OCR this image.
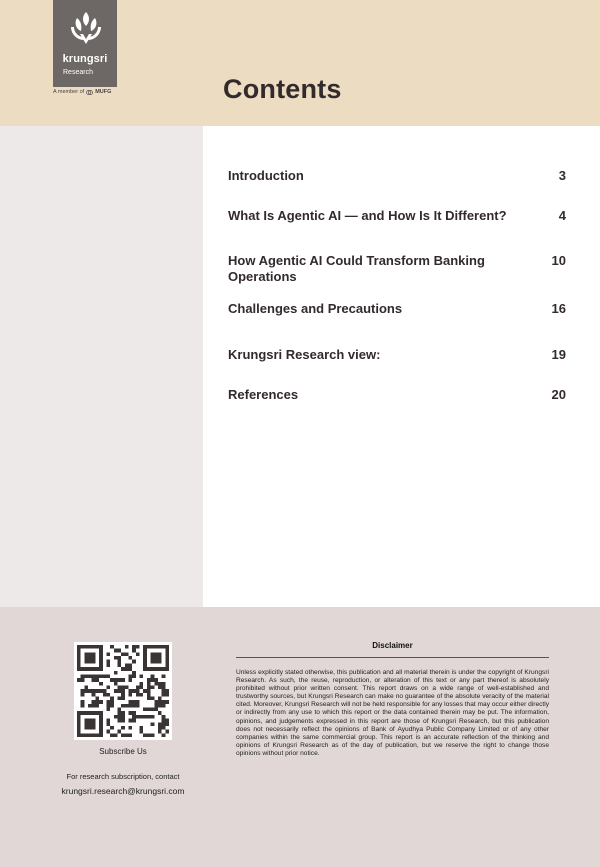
krungsri
Research
A member of MUFG	Contents
Introduction	3
What Is Agentic AI — and How Is It Different?	4
How Agentic AI Could Transform Banking Operations
10
Challenges and Precautions	16
Krungsri Research view:	19
References	20
Subscribe Us
For research subscription, contact
krungsri.research@krungsri.com
Disclaimer
Unless explicitly stated otherwise, this publication and all material therein is under the copyright of Krungsri Research. As such, the reuse, reproduction, or alteration of this text or any part thereof is absolutely prohibited without prior written consent. This report draws on a wide range of well-established and trustworthy sources, but Krungsri Research can make no guarantee of the absolute veracity of the material cited. Moreover, Krungsri Research will not be held responsible for any losses that may occur either directly or indirectly from any use to which this report or the data contained therein may be put. The information, opinions, and judgements expressed in this report are those of Krungsri Research, but this publication does not necessarily reflect the opinions of Bank of Ayudhya Public Company Limited or of any other companies within the same commercial group. This report is an accurate reflection of the thinking and opinions of Krungsri Research as of the day of publication, but we reserve the right to change those opinions without prior notice.
